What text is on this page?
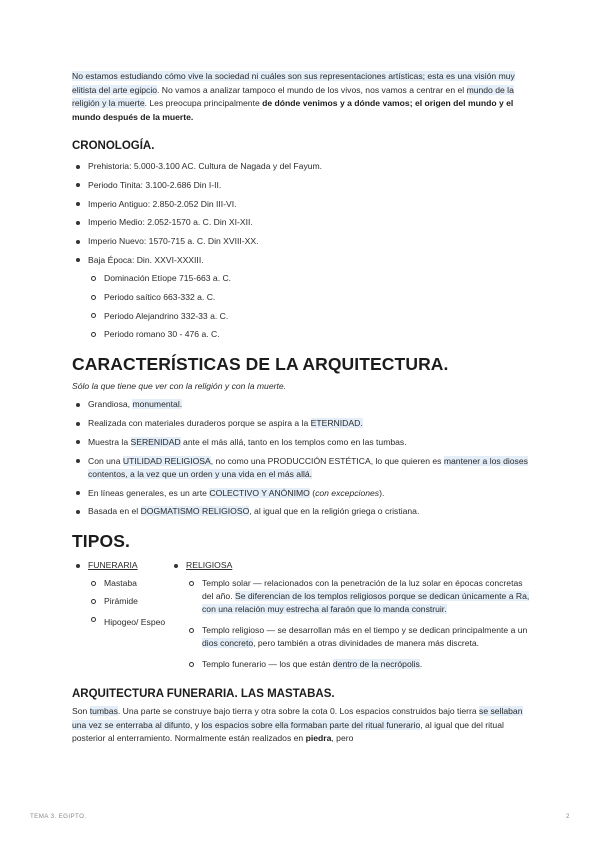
No estamos estudiando cómo vive la sociedad ni cuáles son sus representaciones artísticas; esta es una visión muy elitista del arte egipcio. No vamos a analizar tampoco el mundo de los vivos, nos vamos a centrar en el mundo de la religión y la muerte. Les preocupa principalmente de dónde venimos y a dónde vamos; el origen del mundo y el mundo después de la muerte.

CRONOLOGÍA.
Prehistoria: 5.000-3.100 AC. Cultura de Nagada y del Fayum.
Periodo Tinita: 3.100-2.686 Din I-II.
Imperio Antiguo: 2.850-2.052 Din III-VI.
Imperio Medio: 2.052-1570 a. C. Din XI-XII.
Imperio Nuevo: 1570-715 a. C. Din XVIII-XX.
Baja Época: Din. XXVI-XXXIII.
Dominación Etíope 715-663 a. C.
Periodo saítico 663-332 a. C.
Periodo Alejandrino 332-33 a. C.
Periodo romano 30 - 476 a. C.
CARACTERÍSTICAS DE LA ARQUITECTURA.

Sólo la que tiene que ver con la religión y con la muerte.

Grandiosa, monumental.
Realizada con materiales duraderos porque se aspira a la ETERNIDAD.
Muestra la SERENIDAD ante el más allá, tanto en los templos como en las tumbas.
Con una UTILIDAD RELIGIOSA, no como una PRODUCCIÓN ESTÉTICA, lo que quieren es mantener a los dioses contentos, a la vez que un orden y una vida en el más allá.
En líneas generales, es un arte COLECTIVO Y ANÓNIMO (con excepciones).
Basada en el DOGMATISMO RELIGIOSO, al igual que en la religión griega o cristiana.
TIPOS.
FUNERARIA
Mastaba
Pirámide
Hipogeo/ Espeo
RELIGIOSA
Templo solar — relacionados con la penetración de la luz solar en épocas concretas del año. Se diferencian de los templos religiosos porque se dedican únicamente a Ra, con una relación muy estrecha al faraón que lo manda construir.
Templo religioso — se desarrollan más en el tiempo y se dedican principalmente a un dios concreto, pero también a otras divinidades de manera más discreta.
Templo funerario — los que están dentro de la necrópolis.
ARQUITECTURA FUNERARIA. LAS MASTABAS.

Son tumbas. Una parte se construye bajo tierra y otra sobre la cota 0. Los espacios construidos bajo tierra se sellaban una vez se enterraba al difunto, y los espacios sobre ella formaban parte del ritual funerario, al igual que del ritual posterior al enterramiento. Normalmente están realizados en piedra, pero

TEMA 3. EGIPTO.	2
